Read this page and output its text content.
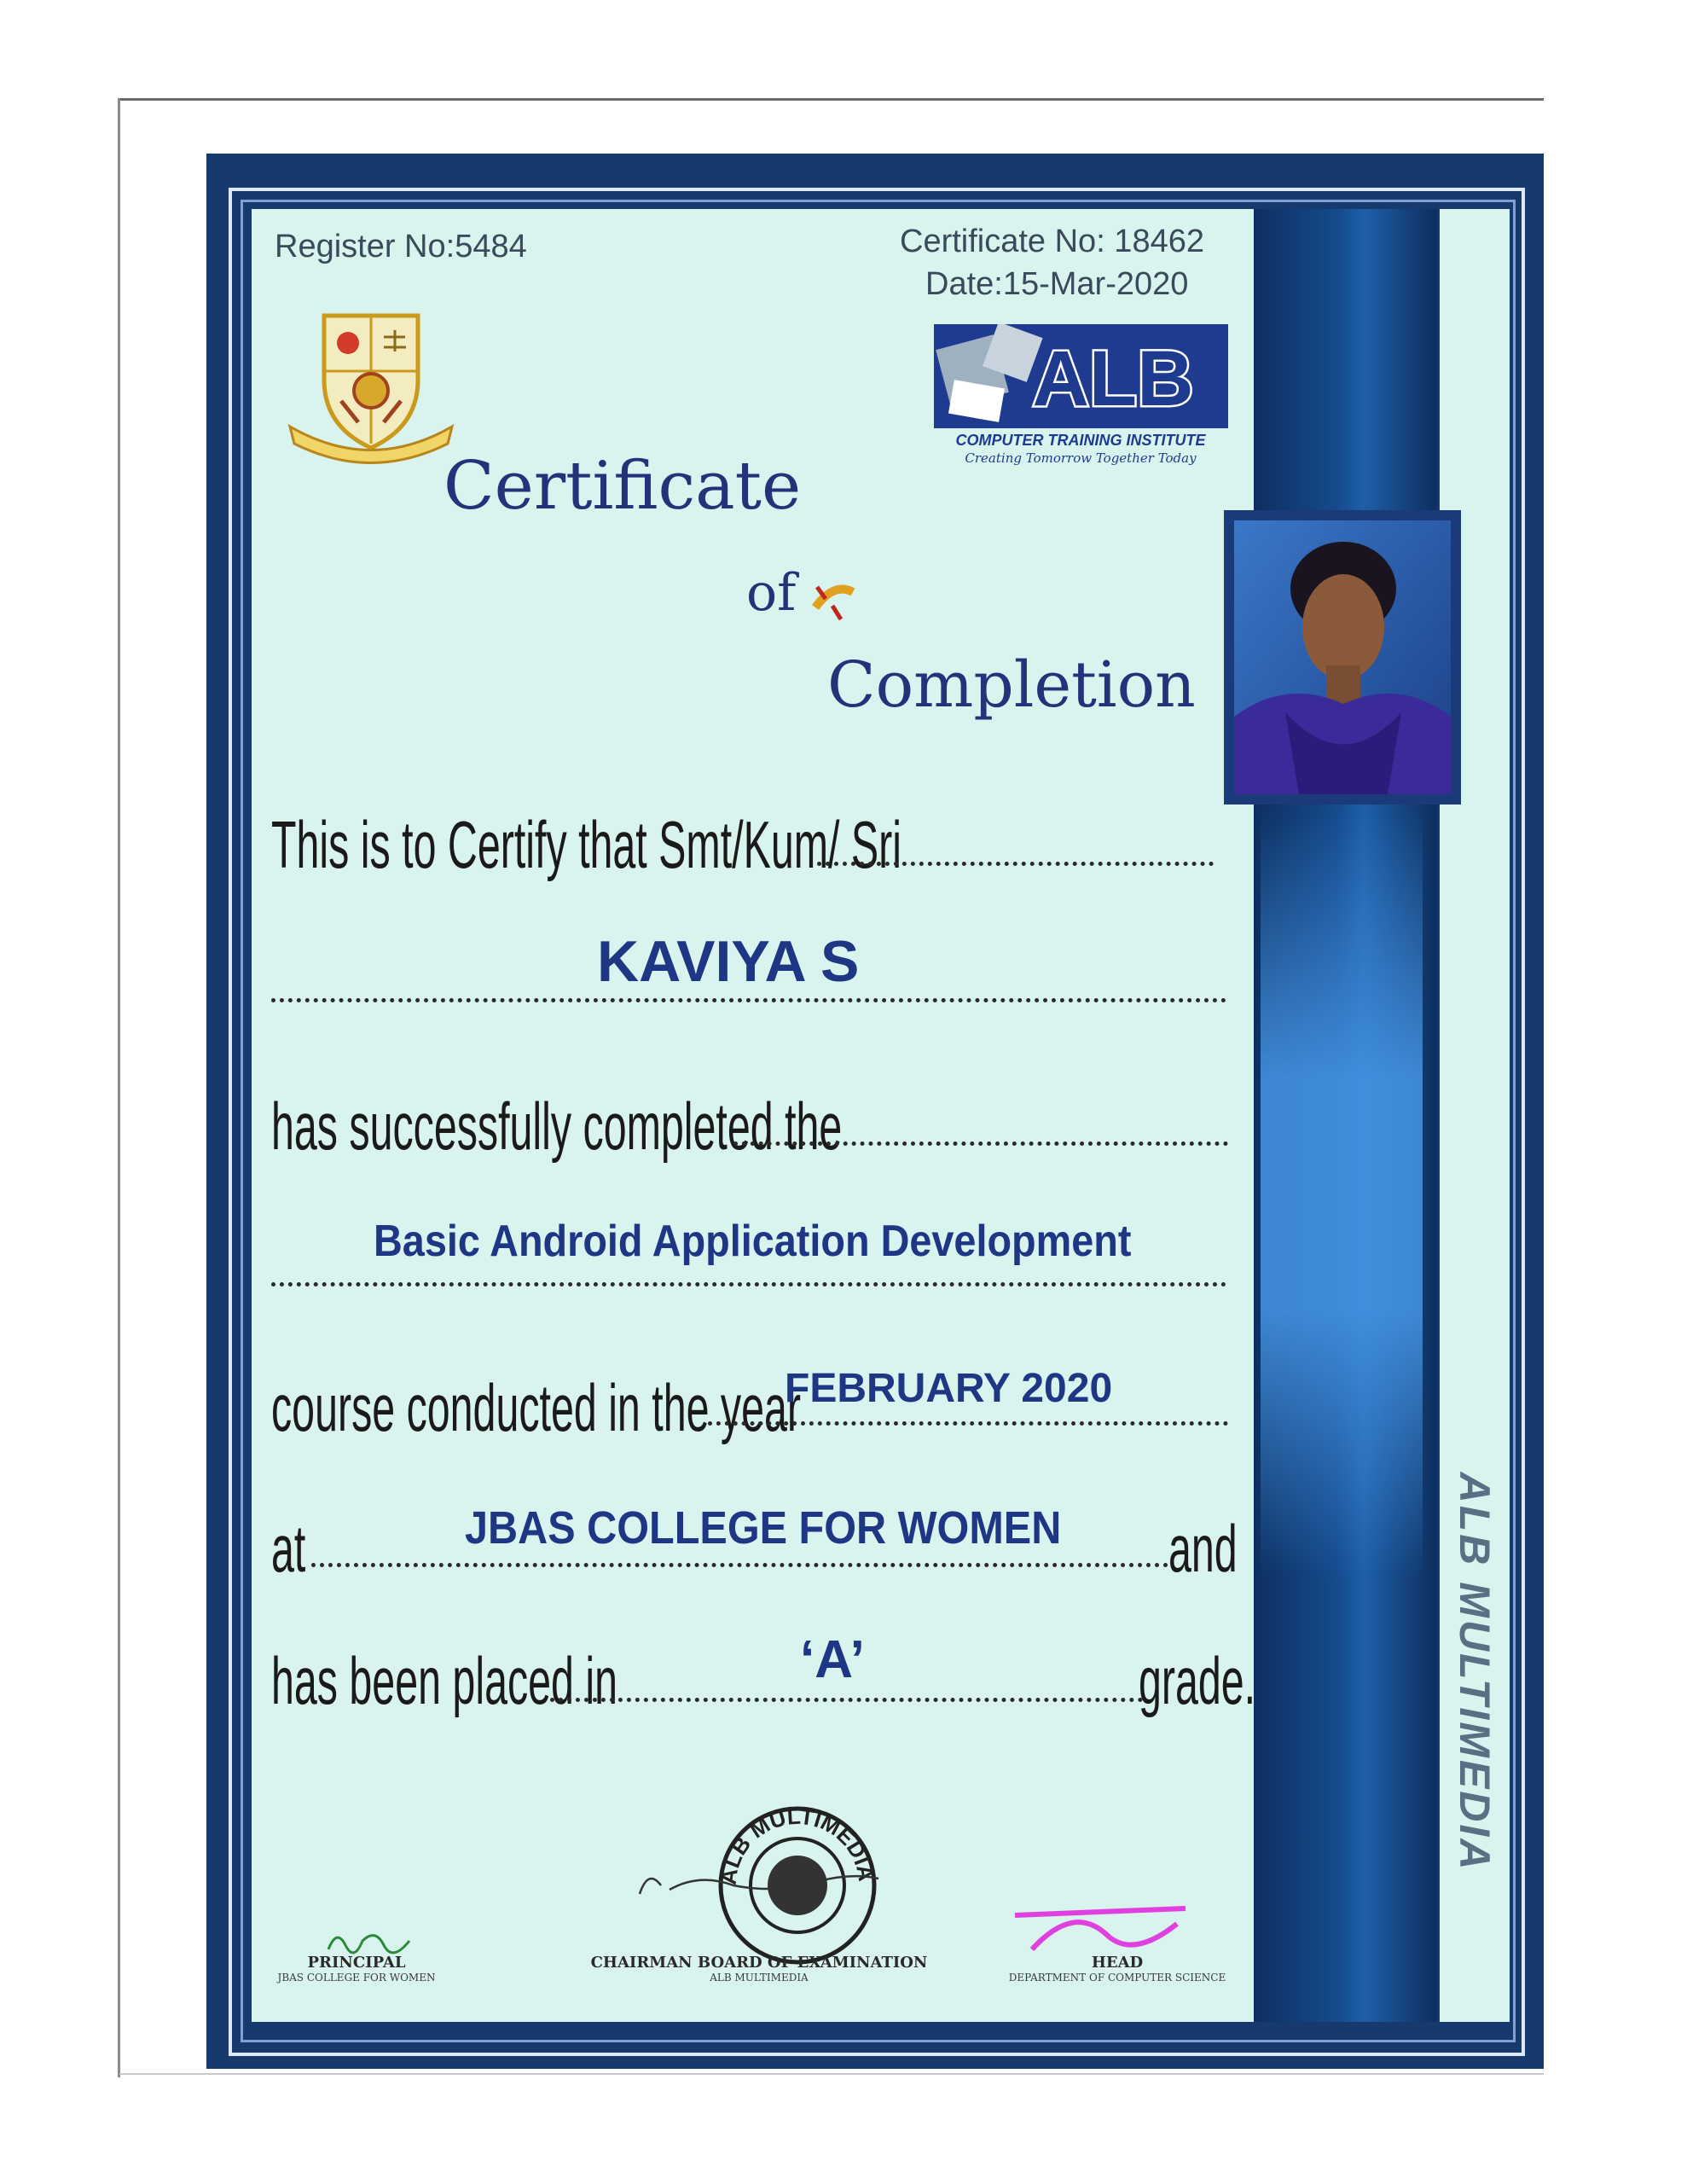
ALB MULTIMEDIA
Register No:5484	Certificate No: 18462
Date:15-Mar-2020
ALB
COMPUTER TRAINING INSTITUTE
Creating Tomorrow Together Today
Certificate
of
Completion
This is to Certify that Smt/Kum/ Sri
KAVIYA S
has successfully completed the
Basic Android Application Development
course conducted in the year
FEBRUARY 2020
at	JBAS COLLEGE FOR WOMEN and
has been placed in	‘A’	grade.
ALB MULTIMEDIA
PRINCIPAL
JBAS COLLEGE FOR WOMEN
CHAIRMAN BOARD OF EXAMINATION
ALB MULTIMEDIA
HEAD
DEPARTMENT OF COMPUTER SCIENCE
